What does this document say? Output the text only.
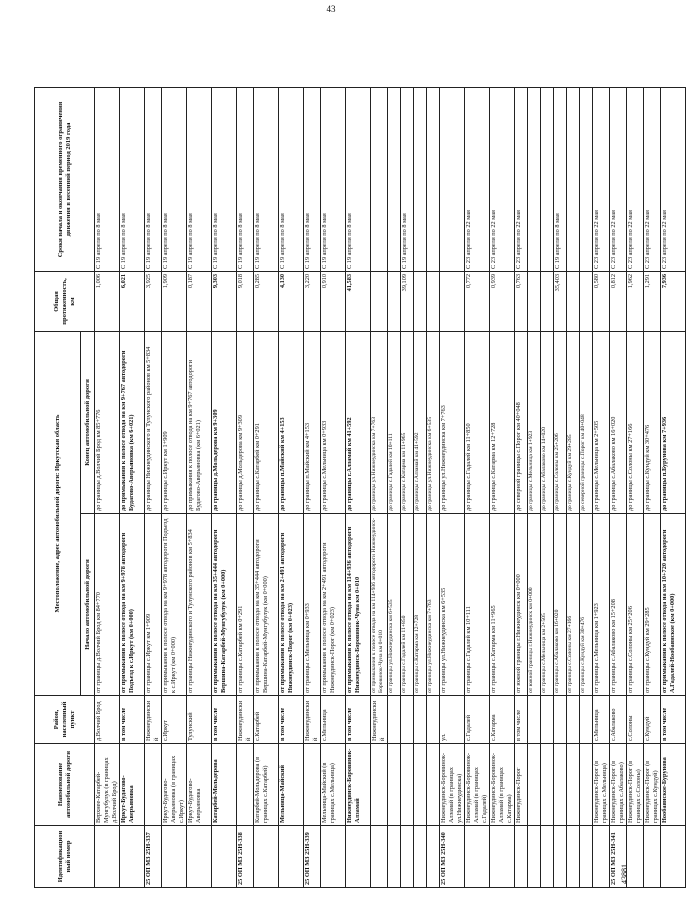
43
43881
Идентификацион ный номер	Наименование автомобильной дороги	Район, населенный пункт	Местоположение, адрес автомобильной дороги: Иркутская область		Общая протяженность, км	Сроки начала и окончания временного ограничения движения в весенний период 2019 года
			Начало автомобильной дороги	Конец автомобильной дороги		
	Верхнее-Катарбей-Мунгубулук (в границах д.Волчий Брод)	д.Волчий Брод	от границы д.Волчий Брод км 84+770	до границы д.Волчий Брод км 85+776	1,006	С 19 апреля по 8 мая
	Иркут-Будагово-Аверьяновка	в том числе	от примыкания к полосе отвода на км 9+978 автодороги Подъезд к с.Иркут (км 0+000)	до примыкания к полосе отвода на км 9+767 автодороги Будагово-Аверьяновка (км 6+021)	6,021	С 19 апреля по 8 мая
25 ОП МЗ 25Н-337		Нижнеудинский	от границы с.Иркут км 1+909	до границы Нижнеудинского и Тулунского районов км 5+834	3,925	С 19 апреля по 8 мая
	Иркут-Будагово-Аверьяновка (в границах с.Иркут)	с.Иркут	от примыкания к полосе отвода на км 9+978 автодороги Подъезд к с.Иркут (км 0+000)	до границы с.Иркут км 1+909	1,909	С 19 апреля по 8 мая
	Иркут-Будагово-Аверьяновка	Тулунский	от границы Нижнеудинского и Тулунского районов км 5+834	до примыкания к полосе отвода на км 9+767 автодороги Будагово-Аверьяновка (км 6+021)	0,187	С 19 апреля по 8 мая
	Катарбей-Мольдерова	в том числе	от примыкания к полосе отвода на км 35+444 автодороги Вершина-Катарбей-Мунгубулук (км 0+000)	до границы д.Мольдерова км 9+309	9,303	С 19 апреля по 8 мая
25 ОП МЗ 25Н-338		Нижнеудинский	от границы с.Катарбей км 0+291	до границы д.Мольдерова км 9+309	9,018	С 19 апреля по 8 мая
	Катарбей-Мольдерова (в границах с.Катарбей)	с.Катарбей	от примыкания к полосе отвода на км 35+444 автодороги Вершина-Катарбей-Мунгубулук (км 0+000)	до границы с.Катарбей км 0+291	0,285	С 19 апреля по 8 мая
	Мельница-Майский	в том числе	от примыкания к полосе отвода на км 2+491 автодороги Нижнеудинск-Порог (км 0+023)	до границы п.Майский км 4+153	4,130	С 19 апреля по 8 мая
25 ОП МЗ 25Н-339		Нижнеудинский	от границы с.Мельница км 0+933	до границы п.Майский км 4+153	3,220	С 19 апреля по 8 мая
	Мельница-Майский (в границах с.Мельница)	с.Мельница	от примыкания к полосе отвода на км 2+491 автодороги Нижнеудинск-Порог (км 0+023)	до границы с.Мельница км 0+933	0,910	С 19 апреля по 8 мая
	Нижнеудинск-Боровинок-Алзамай	в том числе	от примыкания к полосе отвода на км 114+936 автодороги Нижнеудинск-Боровинок-Чуна км 0+010	до границы г.Алзамай км 41+592	41,583	С 19 апреля по 8 мая
		Нижнеудинский	от примыкания к полосе отвода на км 114+936 автодороги Нижнеудинск-Боровинок-Чуна км 0+010	до границы ул.Нижнеудинска км 7+763		
			от границы ул.Нижнеудинска км 6+535	до границы с.Гадалей км 10+111		
			от границы с.Гадалей км 11+850	до границы с.Катарма км 11+965	39,109	С 19 апреля по 8 мая
			от границы с.Катарма км 12+728	до границы г.Алзамай км 41+592		
			от границы ул.Нижнеудинска км 7+763	до границы ул.Нижнеудинска км 6+535		
25 ОП МЗ 25Н-340	Нижнеудинск-Боровинок-Алзамай (в границах ул.Нижнеудинска)	ул.	от границы ул.Нижнеудинска км 6+535	до границы ул.Нижнеудинска км 7+763		
	Нижнеудинск-Боровинок-Алзамай (в границах с.Гадалей)	с.Гадалей	от границы с.Гадалей км 10+111	до границы с.Гадалей км 11+850	0,772	С 23 апреля по 22 мая
	Нижнеудинск-Боровинок-Алзамай (в границах с.Катарма)	с.Катарма	от границы с.Катарма км 11+965	до границы с.Катарма км 12+728	0,939	С 23 апреля по 22 мая
	Нижнеудинск-Порог	в том числе	от южной границы г.Нижнеудинск км 0+000	до северной границы с.Порог км 40+048	0,763	С 23 апреля по 22 мая
			от южной границы г.Нижнеудинск км 0+000	до границы с.Мельница км 1+923		
			от границы с.Мельница км 2+505	до границы с.Абалаково км 14+020		
			от границы с.Абалаково км 16+020	до границы с.Солоны км 25+206	35,403	С 19 апреля по 8 мая
			от границы с.Солоны км 27+166	до границы с.Кундуй км 29+285		
			от границы с.Кундуй км 30+476	до северной границы с.Порог км 40+048		
	Нижнеудинск-Порог (в границах с.Мельница)	с.Мельница	от границы с.Мельница км 1+923	до границы с.Мельница км 2+505	0,580	С 23 апреля по 22 мая
25 ОП МЗ 25Н-341	Нижнеудинск-Порог (в границах с.Абалаково)	с.Абалаково	от границы с.Абалаково км 15+208	до границы с.Абалаково км 16+020	0,812	С 23 апреля по 22 мая
	Нижнеудинск-Порог (в границах с.Солоны)	с.Солоны	от границы с.Солоны км 25+206	до границы с.Солоны км 27+166	1,962	С 23 апреля по 22 мая
	Нижнеудинск-Порог (в границах с.Кундуй)	с.Кундуй	от границы с.Кундуй км 29+285	до границы с.Кундуй км 30+476	1,291	С 23 апреля по 22 мая
	Нообаянское-Бурунова	в том числе	от примыкания к полосе отвода на км 10+720 автодороги А.Гадалей-Нообаянское (км 0+000)	до границы п.Бурунова км 7+936	7,936	С 23 апреля по 22 мая
